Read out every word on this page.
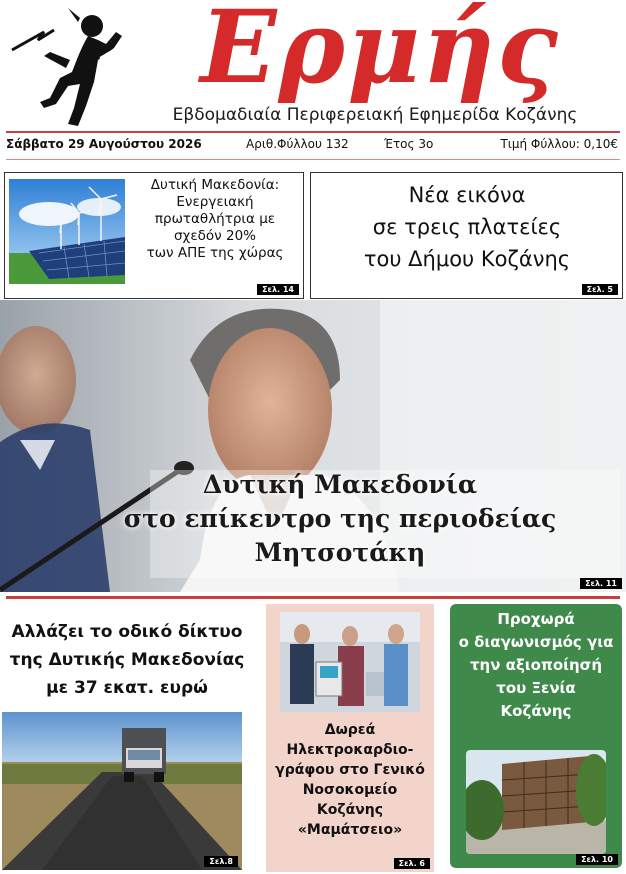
Ερμής
Εβδομαδιαία Περιφερειακή Εφημερίδα Κοζάνης
Σάββατο 29 Αυγούστου 2026	Αριθ.Φύλλου 132	Έτος 3ο	Τιμή Φύλλου: 0,10€
Δυτική Μακεδονία:
Ενεργειακή
πρωταθλήτρια με
σχεδόν 20%
των ΑΠΕ της χώρας
Σελ. 14
Νέα εικόνα
σε τρεις πλατείες
του Δήμου Κοζάνης
Σελ. 5
Δυτική Μακεδονία
στο επίκεντρο της περιοδείας
Μητσοτάκη
Σελ. 11
Αλλάζει το οδικό δίκτυο
της Δυτικής Μακεδονίας
με 37 εκατ. ευρώ
Σελ.8
Δωρεά
Ηλεκτροκαρδιο-
γράφου στο Γενικό
Νοσοκομείο
Κοζάνης
«Μαμάτσειο»
Σελ. 6
Προχωρά
ο διαγωνισμός για
την αξιοποίησή
του Ξενία
Κοζάνης
Σελ. 10
